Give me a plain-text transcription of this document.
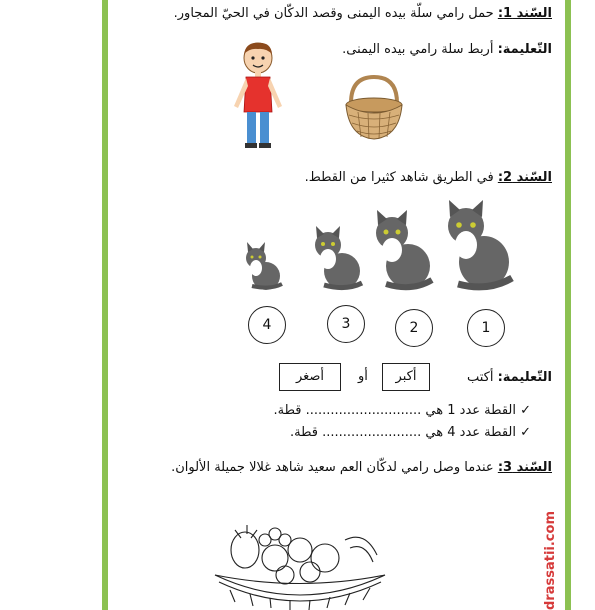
السّند 1: حمل رامي سلّة بيده اليمنى وقصد الدكّان في الحيّ المجاور.
التّعليمة: أربط سلة رامي بيده اليمنى.
السّند 2: في الطريق شاهد كثيرا من القطط.
4	3	2	1
التّعليمة: أكتب
أكبر
أو
أصغر
✓ القطة عدد 1 هي ............................ قطة.
✓ القطة عدد 4 هي ........................ قطة.
السّند 3: عندما وصل رامي لدكّان العم سعيد شاهد غلالا جميلة الألوان.
drassatii.com
